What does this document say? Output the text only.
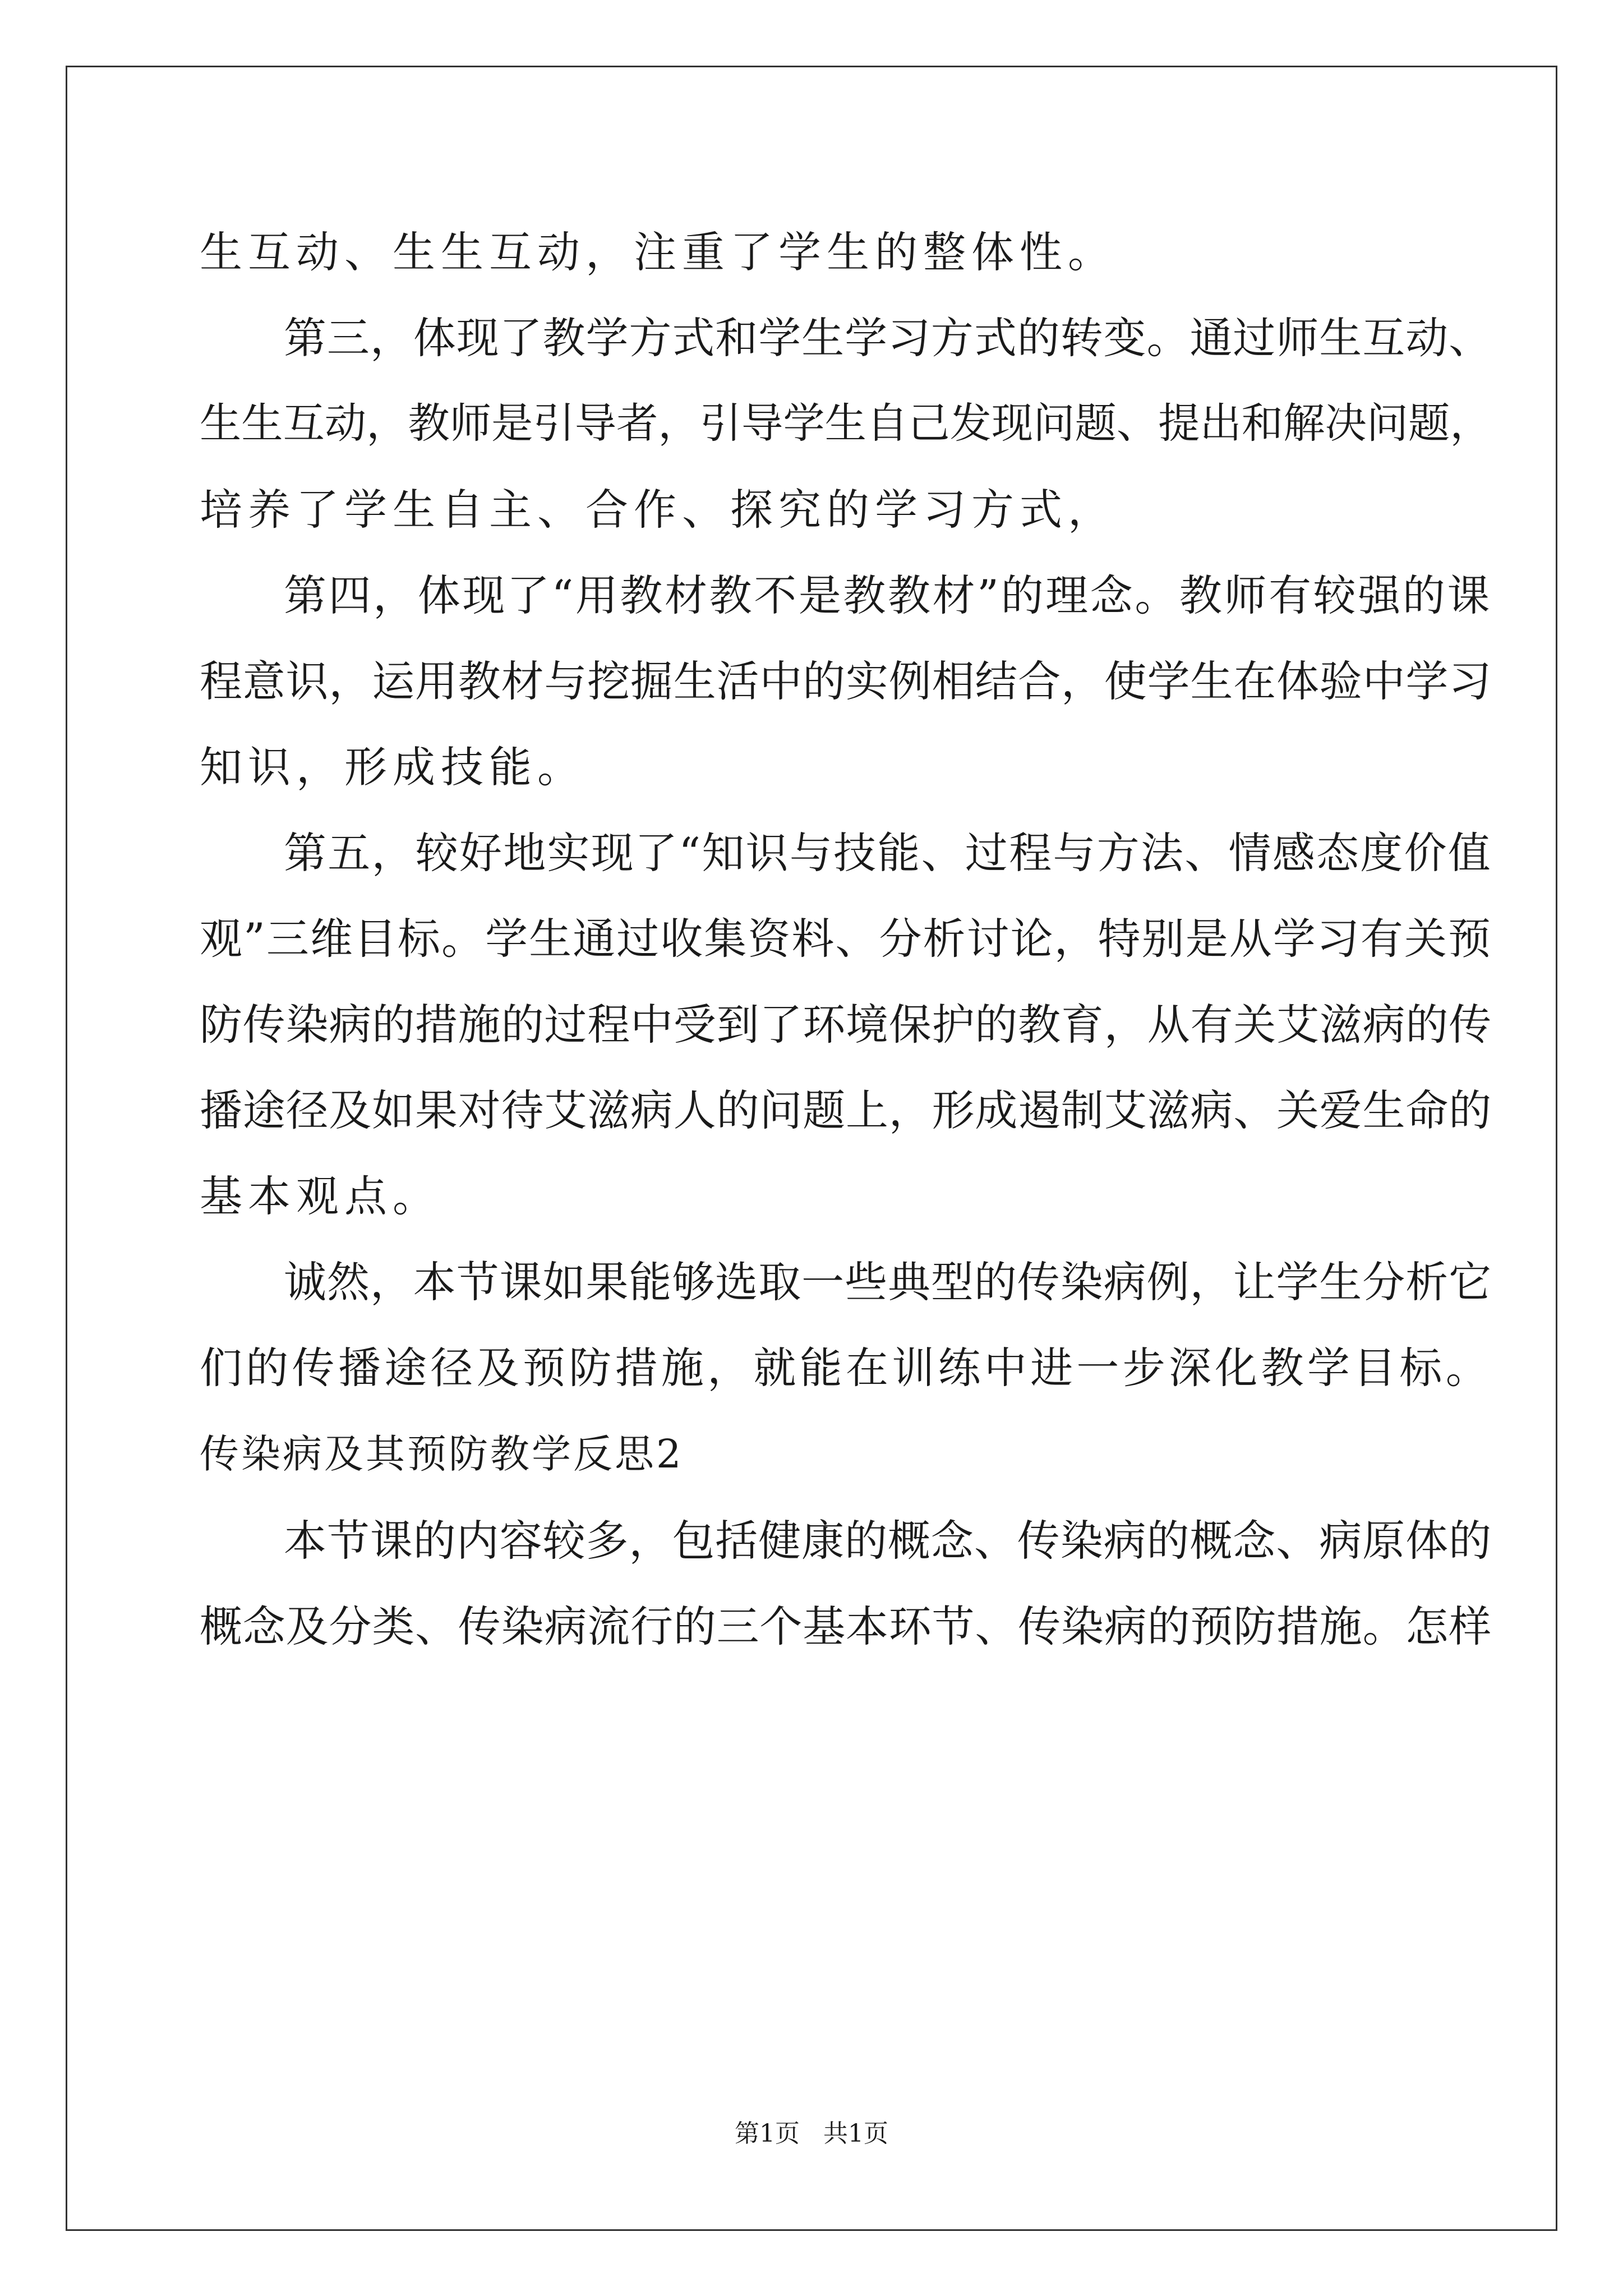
生互动、生生互动，注重了学生的整体性。
第三，体现了教学方式和学生学习方式的转变。通过师生互动、
生生互动，教师是引导者，引导学生自己发现问题、提出和解决问题，
培养了学生自主、合作、探究的学习方式，
第四，体现了“用教材教不是教教材”的理念。教师有较强的课
程意识，运用教材与挖掘生活中的实例相结合，使学生在体验中学习
知识，形成技能。
第五，较好地实现了“知识与技能、过程与方法、情感态度价值
观”三维目标。学生通过收集资料、分析讨论，特别是从学习有关预
防传染病的措施的过程中受到了环境保护的教育，从有关艾滋病的传
播途径及如果对待艾滋病人的问题上，形成遏制艾滋病、关爱生命的
基本观点。
诚然，本节课如果能够选取一些典型的传染病例，让学生分析它
们的传播途径及预防措施，就能在训练中进一步深化教学目标。
传染病及其预防教学反思2
本节课的内容较多，包括健康的概念、传染病的概念、病原体的
概念及分类、传染病流行的三个基本环节、传染病的预防措施。怎样
第1页   共1页
